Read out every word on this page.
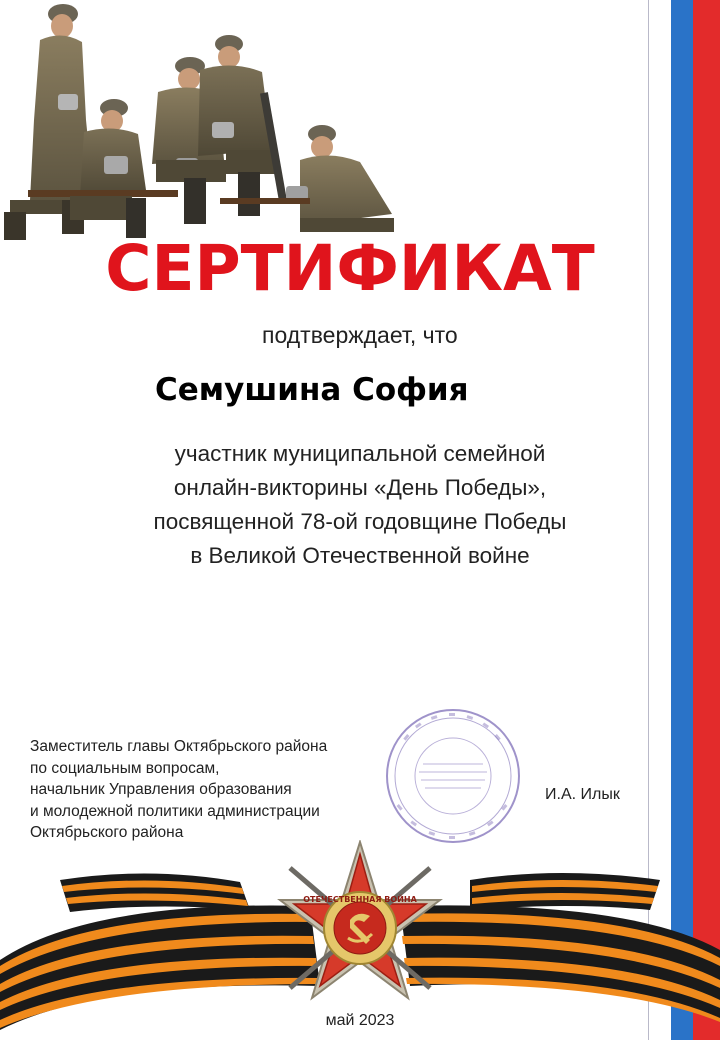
СЕРТИФИКАТ
подтверждает, что
Семушина София
участник муниципальной семейной
онлайн-викторины «День Победы»,
посвященной 78-ой годовщине Победы
в Великой Отечественной войне
Заместитель главы Октябрьского района
по социальным вопросам,
начальник Управления образования
и молодежной политики администрации
Октябрьского района
И.А. Илык
ОТЕЧЕСТВЕННАЯ ВОЙНА
май 2023
